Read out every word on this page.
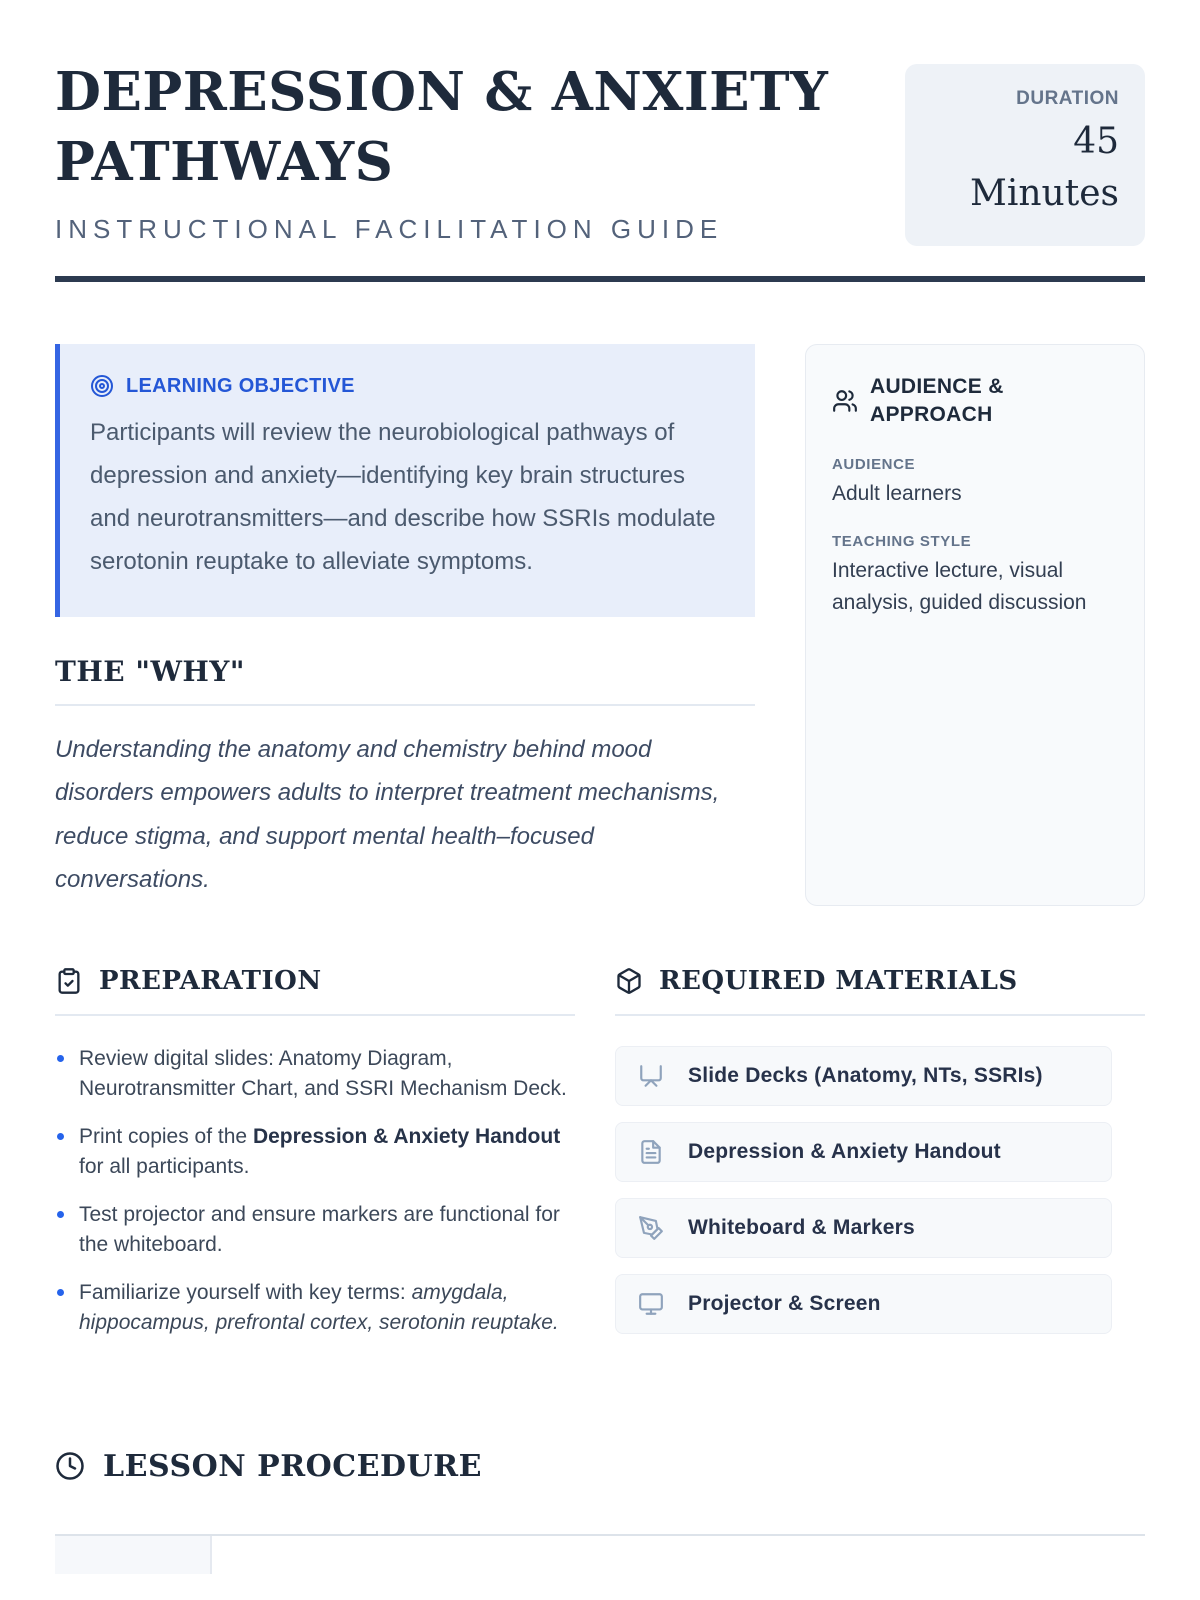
DEPRESSION & ANXIETY PATHWAYS
INSTRUCTIONAL FACILITATION GUIDE
DURATION
45 Minutes
LEARNING OBJECTIVE
Participants will review the neurobiological pathways of depression and anxiety—identifying key brain structures and neurotransmitters—and describe how SSRIs modulate serotonin reuptake to alleviate symptoms.
THE "WHY"

Understanding the anatomy and chemistry behind mood disorders empowers adults to interpret treatment mechanisms, reduce stigma, and support mental health–focused conversations.

AUDIENCE & APPROACH
AUDIENCE
Adult learners
TEACHING STYLE
Interactive lecture, visual analysis, guided discussion
PREPARATION
Review digital slides: Anatomy Diagram, Neurotransmitter Chart, and SSRI Mechanism Deck.
Print copies of the Depression & Anxiety Handout for all participants.
Test projector and ensure markers are functional for the whiteboard.
Familiarize yourself with key terms: amygdala, hippocampus, prefrontal cortex, serotonin reuptake.
REQUIRED MATERIALS
Slide Decks (Anatomy, NTs, SSRIs)
Depression & Anxiety Handout
Whiteboard & Markers
Projector & Screen
LESSON PROCEDURE
